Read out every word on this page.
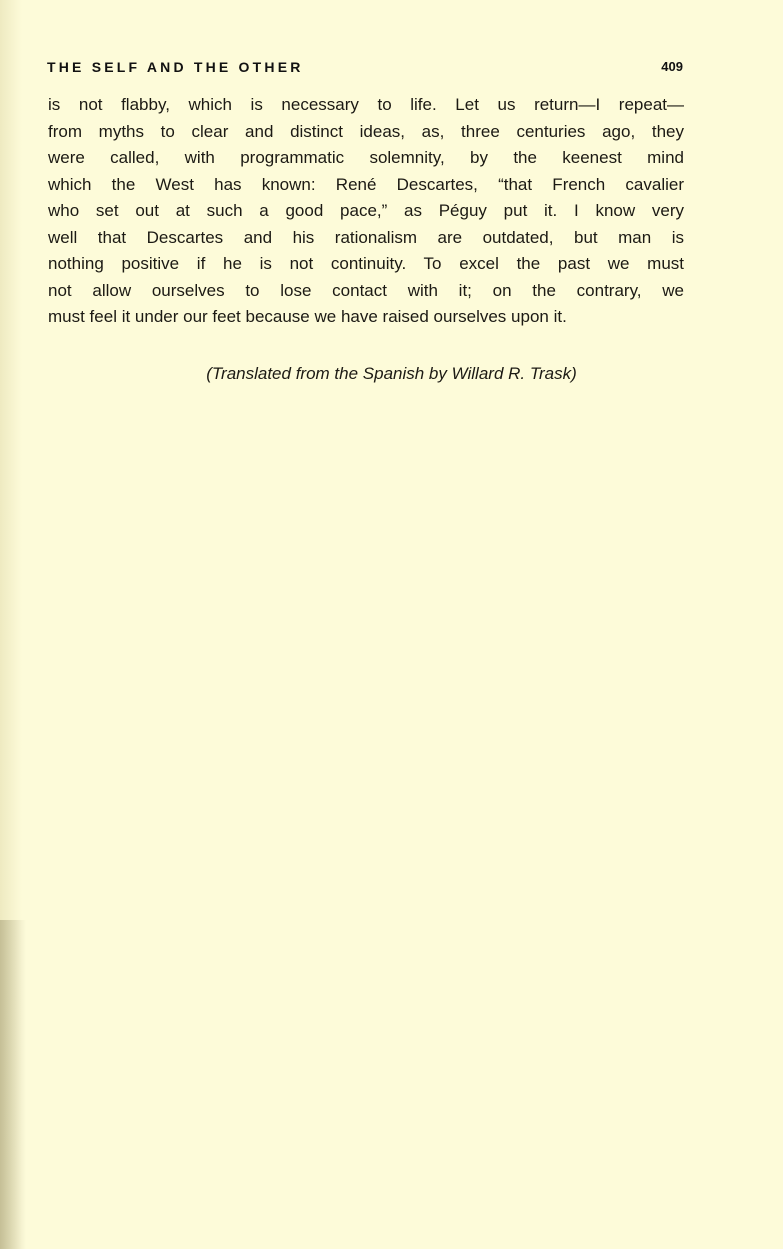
THE SELF AND THE OTHER	409
is not flabby, which is necessary to life. Let us return—I repeat—
from myths to clear and distinct ideas, as, three centuries ago, they
were called, with programmatic solemnity, by the keenest mind
which the West has known: René Descartes, “that French cavalier
who set out at such a good pace,” as Péguy put it. I know very
well that Descartes and his rationalism are outdated, but man is
nothing positive if he is not continuity. To excel the past we must
not allow ourselves to lose contact with it; on the contrary, we
must feel it under our feet because we have raised ourselves upon it.
(Translated from the Spanish by Willard R. Trask)
